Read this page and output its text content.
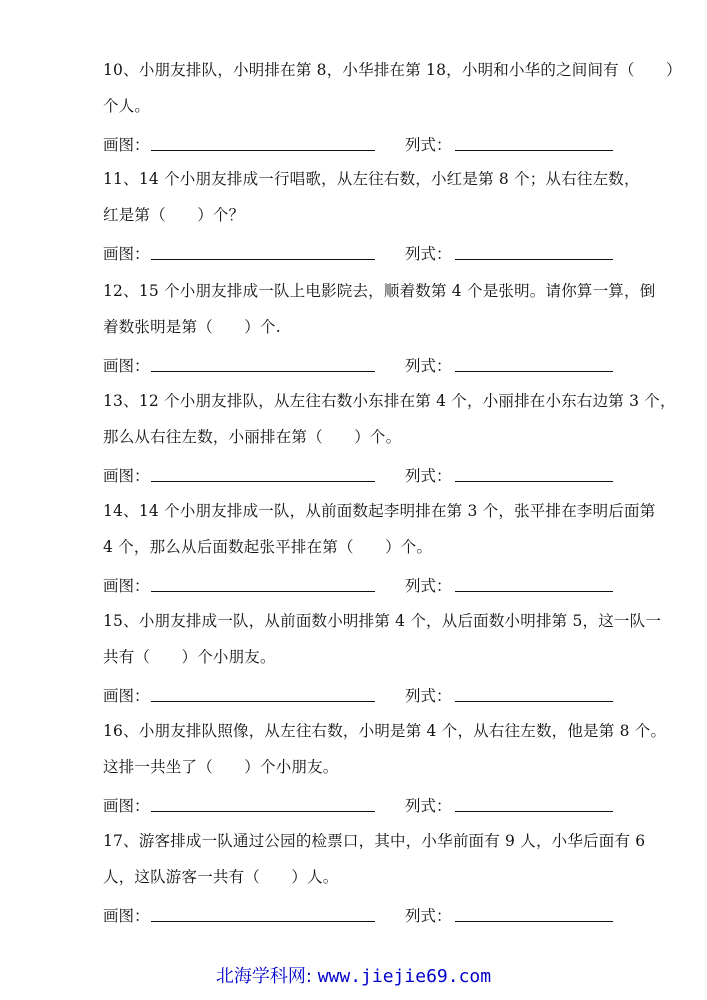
10、小朋友排队，小明排在第 8，小华排在第 18，小明和小华的之间间有（　　）
个人。
画图：	列式：
11、14 个小朋友排成一行唱歌，从左往右数，小红是第 8 个；从右往左数，
红是第（　　）个？
画图：	列式：
12、15 个小朋友排成一队上电影院去，顺着数第 4 个是张明。请你算一算，倒
着数张明是第（　　）个.
画图：	列式：
13、12 个小朋友排队，从左往右数小东排在第 4 个，小丽排在小东右边第 3 个，
那么从右往左数，小丽排在第（　　）个。
画图：	列式：
14、14 个小朋友排成一队，从前面数起李明排在第 3 个，张平排在李明后面第
4 个，那么从后面数起张平排在第（　　）个。
画图：	列式：
15、小朋友排成一队，从前面数小明排第 4 个，从后面数小明排第 5，这一队一
共有（　　）个小朋友。
画图：	列式：
16、小朋友排队照像，从左往右数，小明是第 4 个，从右往左数，他是第 8 个。
这排一共坐了（　　）个小朋友。
画图：	列式：
17、游客排成一队通过公园的检票口，其中，小华前面有 9 人，小华后面有 6
人，这队游客一共有（　　）人。
画图：	列式：
北海学科网: www.jiejie69.com
